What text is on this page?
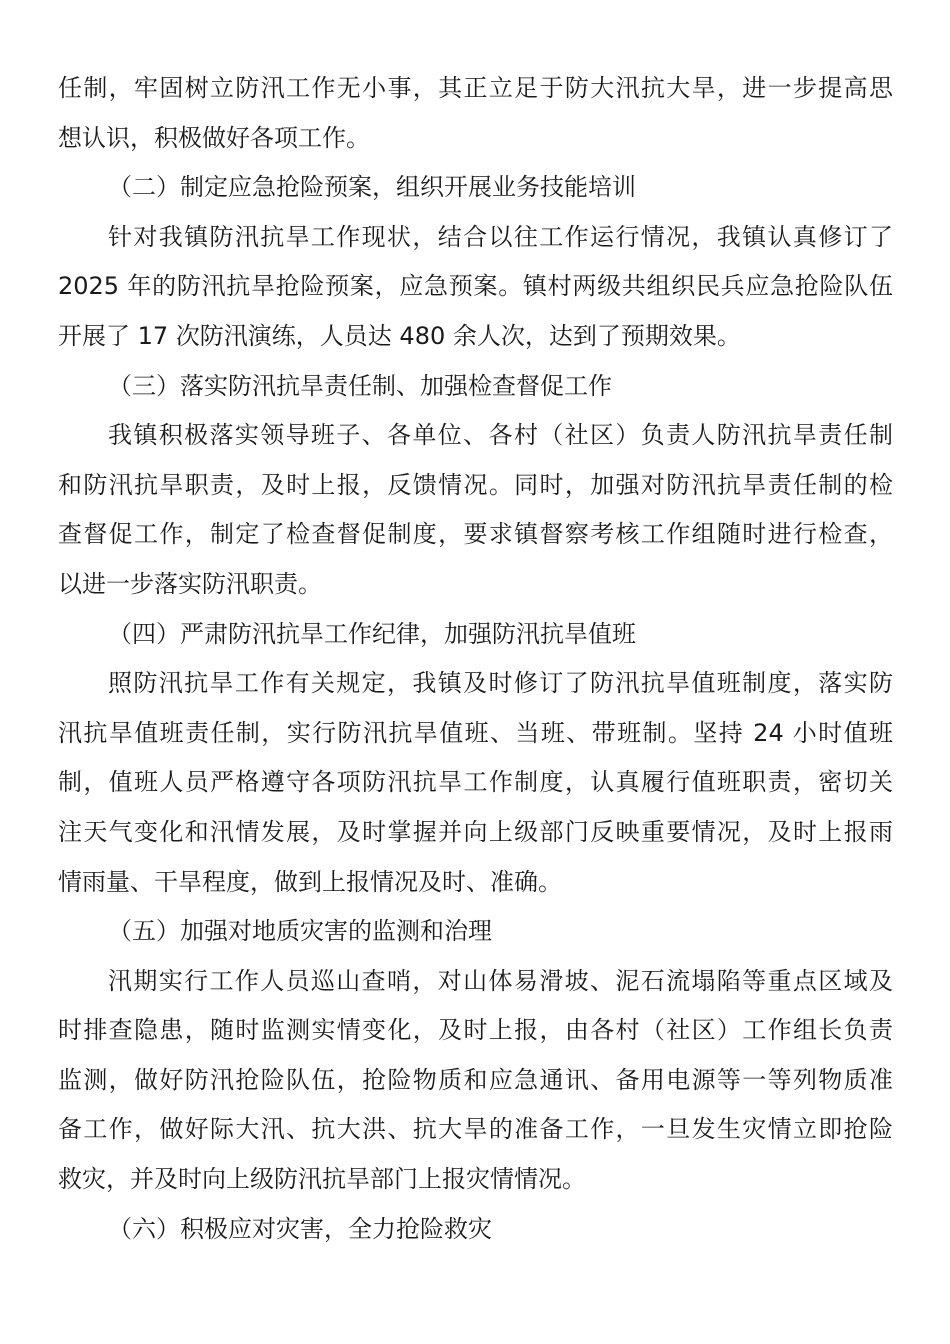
任制，牢固树立防汛工作无小事，其正立足于防大汛抗大旱，进一步提高思
想认识，积极做好各项工作。
（二）制定应急抢险预案，组织开展业务技能培训
针对我镇防汛抗旱工作现状，结合以往工作运行情况，我镇认真修订了
2025 年的防汛抗旱抢险预案，应急预案。镇村两级共组织民兵应急抢险队伍
开展了 17 次防汛演练，人员达 480 余人次，达到了预期效果。
（三）落实防汛抗旱责任制、加强检查督促工作
我镇积极落实领导班子、各单位、各村（社区）负责人防汛抗旱责任制
和防汛抗旱职责，及时上报，反馈情况。同时，加强对防汛抗旱责任制的检
查督促工作，制定了检查督促制度，要求镇督察考核工作组随时进行检查，
以进一步落实防汛职责。
（四）严肃防汛抗旱工作纪律，加强防汛抗旱值班
照防汛抗旱工作有关规定，我镇及时修订了防汛抗旱值班制度，落实防
汛抗旱值班责任制，实行防汛抗旱值班、当班、带班制。坚持 24 小时值班
制，值班人员严格遵守各项防汛抗旱工作制度，认真履行值班职责，密切关
注天气变化和汛情发展，及时掌握并向上级部门反映重要情况，及时上报雨
情雨量、干旱程度，做到上报情况及时、准确。
（五）加强对地质灾害的监测和治理
汛期实行工作人员巡山查哨，对山体易滑坡、泥石流塌陷等重点区域及
时排查隐患，随时监测实情变化，及时上报，由各村（社区）工作组长负责
监测，做好防汛抢险队伍，抢险物质和应急通讯、备用电源等一等列物质准
备工作，做好际大汛、抗大洪、抗大旱的准备工作，一旦发生灾情立即抢险
救灾，并及时向上级防汛抗旱部门上报灾情情况。
（六）积极应对灾害，全力抢险救灾
